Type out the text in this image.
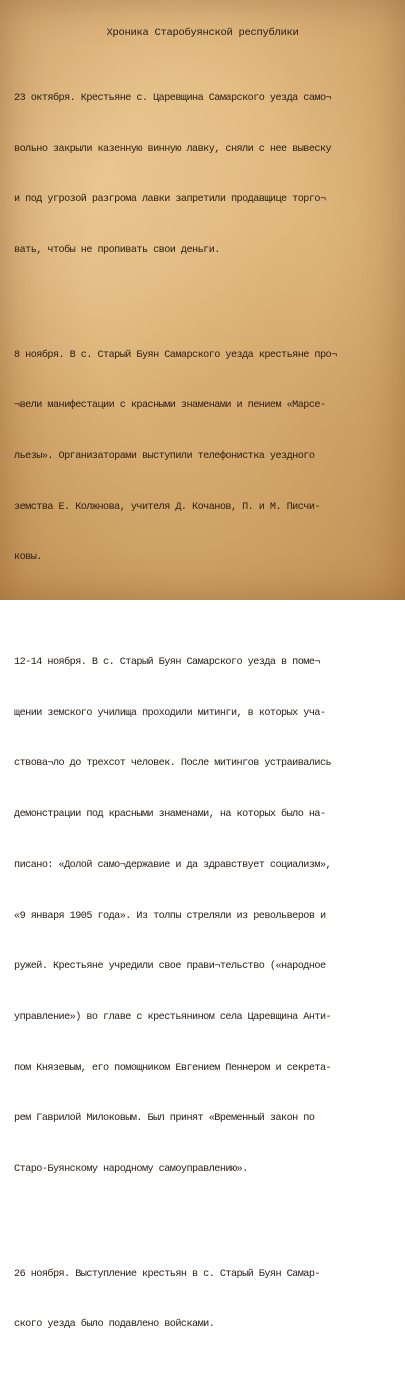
Хроника Старобуянской республики

23 октября. Крестьяне с. Царевщина Самарского уезда само¬

вольно закрыли казенную винную лавку, сняли с нее вывеску

и под угрозой разгрома лавки запретили продавщице торго¬

вать, чтобы не пропивать свои деньги.

8 ноября. В с. Старый Буян Самарского уезда крестьяне про¬

¬вели манифестации с красными знаменами и пением «Марсе-

льезы». Организаторами выступили телефонистка уездного

земства Е. Колжнова, учителя Д. Кочанов, П. и М. Писчи-

ковы.

12-14 ноября. В с. Старый Буян Самарского уезда в поме¬

щении земского училища проходили митинги, в которых уча-

ствова¬ло до трехсот человек. После митингов устраивались

демонстрации под красными знаменами, на которых было на-

писано: «Долой само¬державие и да здравствует социализм»,

«9 января 1905 года». Из толпы стреляли из револьверов и

ружей. Крестьяне учредили свое прави¬тельство («народное

управление») во главе с крестьянином села Царевщина Анти-

пом Князевым, его помощником Евгением Пеннером и секрета-

рем Гаврилой Милоковым. Был принят «Временный закон по

Старо-Буянскому народному самоуправлению».

26 ноября. Выступление крестьян в с. Старый Буян Самар-

ского уезда было подавлено войсками.
